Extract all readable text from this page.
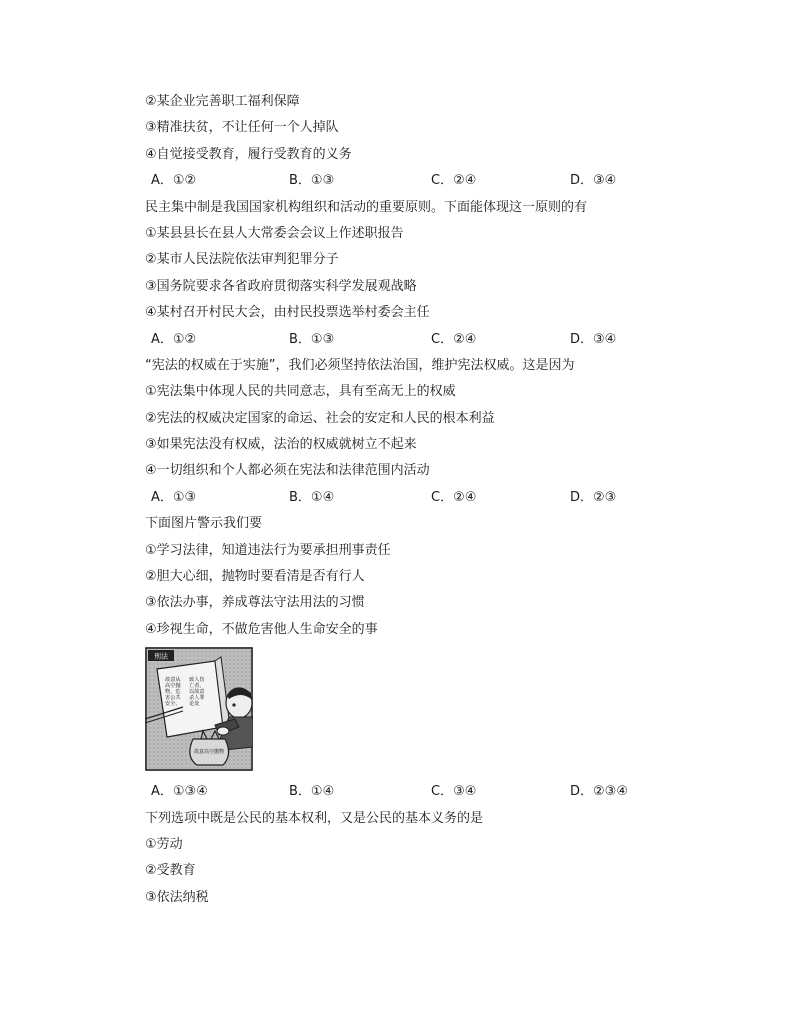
②某企业完善职工福利保障
③精准扶贫，不让任何一个人掉队
④自觉接受教育，履行受教育的义务
A．①②	B．①③	C．②④	D．③④
民主集中制是我国国家机构组织和活动的重要原则。下面能体现这一原则的有
①某县县长在县人大常委会会议上作述职报告
②某市人民法院依法审判犯罪分子
③国务院要求各省政府贯彻落实科学发展观战略
④某村召开村民大会，由村民投票选举村委会主任
A．①②	B．①③	C．②④	D．③④
“宪法的权威在于实施”，我们必须坚持依法治国，维护宪法权威。这是因为
①宪法集中体现人民的共同意志，具有至高无上的权威
②宪法的权威决定国家的命运、社会的安定和人民的根本利益
③如果宪法没有权威，法治的权威就树立不起来
④一切组织和个人都必须在宪法和法律范围内活动
A．①③	B．①④	C．②④	D．②③
下面图片警示我们要
①学习法律，知道违法行为要承担刑事责任
②胆大心细，抛物时要看清是否有行人
③依法办事，养成尊法守法用法的习惯
④珍视生命，不做危害他人生命安全的事
刑法
故意从
高空抛
物，危
害公共
安全，
致人伤
亡者，
以故意
杀人罪
论处
故意高空抛物
A．①③④	B．①④	C．③④	D．②③④
下列选项中既是公民的基本权利，又是公民的基本义务的是
①劳动
②受教育
③依法纳税
